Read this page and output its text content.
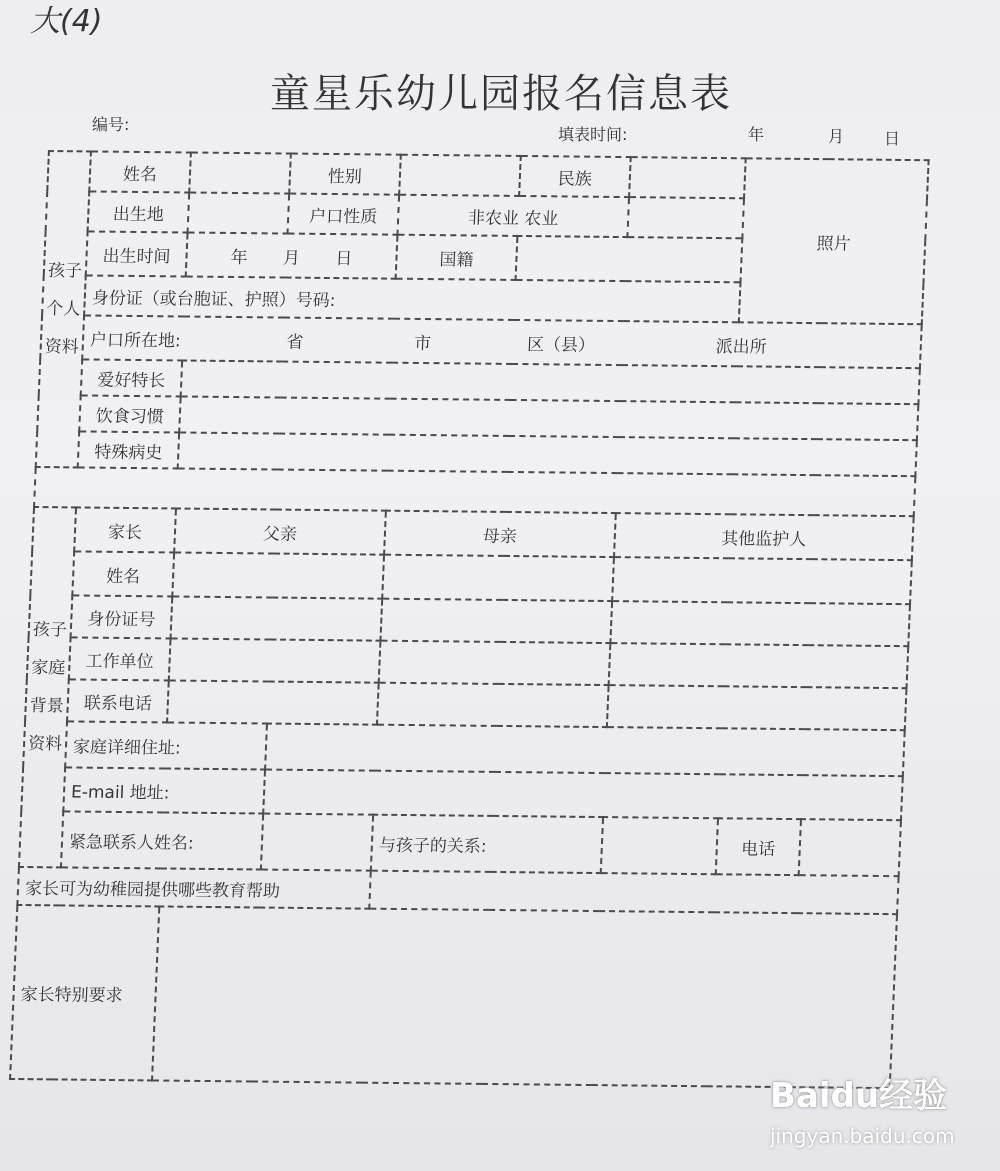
大(4)
童星乐幼儿园报名信息表
编号:
填表时间:	年	月 日
孩子个人资料	姓名		性别		民族		照片	
	出生地		户口性质	非农业 农业				
	出生时间	年 月 日		国籍				
	身份证（或台胞证、护照）号码:							
	户口所在地: 省 市 区（县） 派出所							
	爱好特长							
	饮食习惯							
	特殊病史							

孩子家庭背景资料	家长	父亲		母亲		其他监护人		
	姓名							
	身份证号							
	工作单位							
	联系电话							
	家庭详细住址:							
	E-mail 地址:							
	紧急联系人姓名:			与孩子的关系:			电话	
家长可为幼稚园提供哪些教育帮助								
家长特别要求								
Baidu经验
jingyan.baidu.com
